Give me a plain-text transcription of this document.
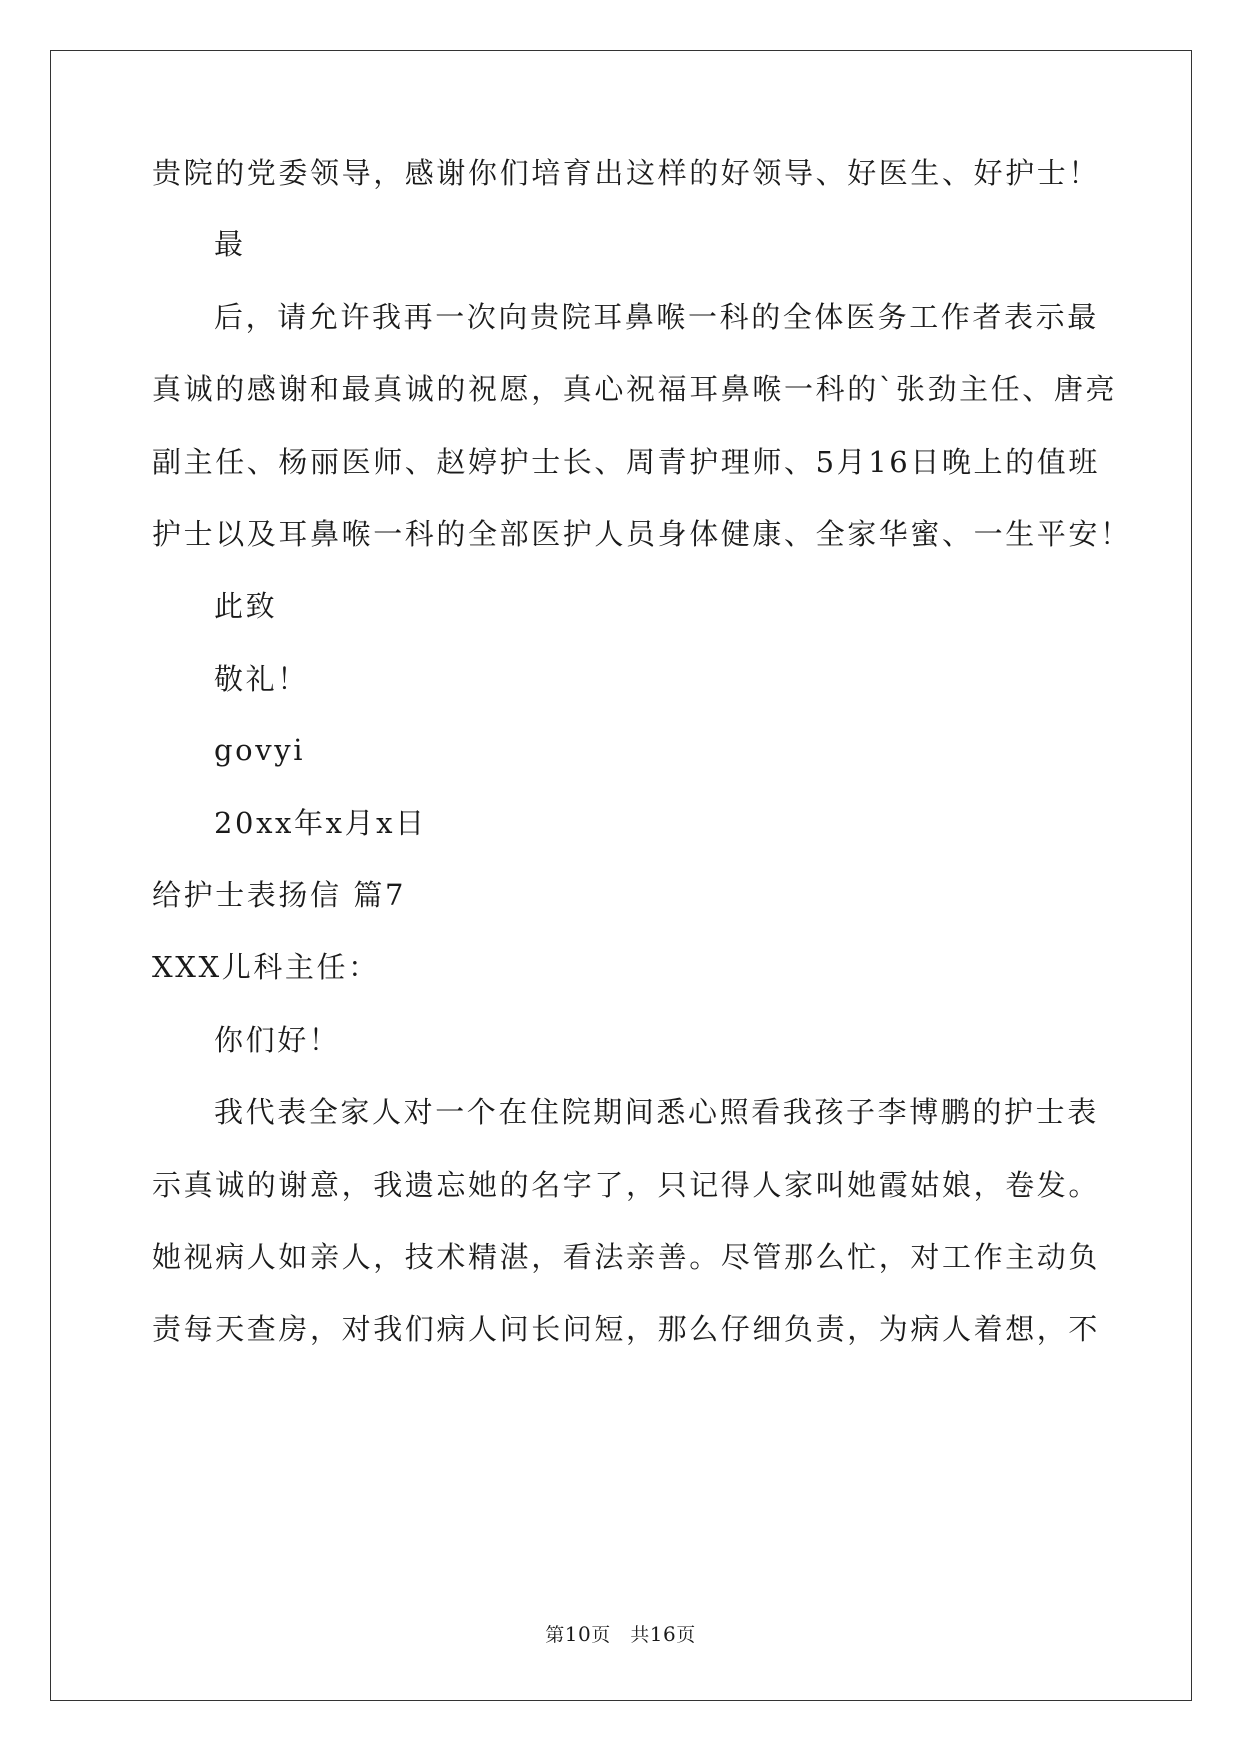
贵院的党委领导，感谢你们培育出这样的好领导、好医生、好护士！
最
后，请允许我再一次向贵院耳鼻喉一科的全体医务工作者表示最
真诚的感谢和最真诚的祝愿，真心祝福耳鼻喉一科的`张劲主任、唐亮
副主任、杨丽医师、赵婷护士长、周青护理师、5月16日晚上的值班
护士以及耳鼻喉一科的全部医护人员身体健康、全家华蜜、一生平安！
此致
敬礼！
govyi
20xx年x月x日
给护士表扬信 篇7
XXX儿科主任：
你们好！
我代表全家人对一个在住院期间悉心照看我孩子李博鹏的护士表
示真诚的谢意，我遗忘她的名字了，只记得人家叫她霞姑娘，卷发。
她视病人如亲人，技术精湛，看法亲善。尽管那么忙，对工作主动负
责每天查房，对我们病人问长问短，那么仔细负责，为病人着想，不
第10页　共16页
